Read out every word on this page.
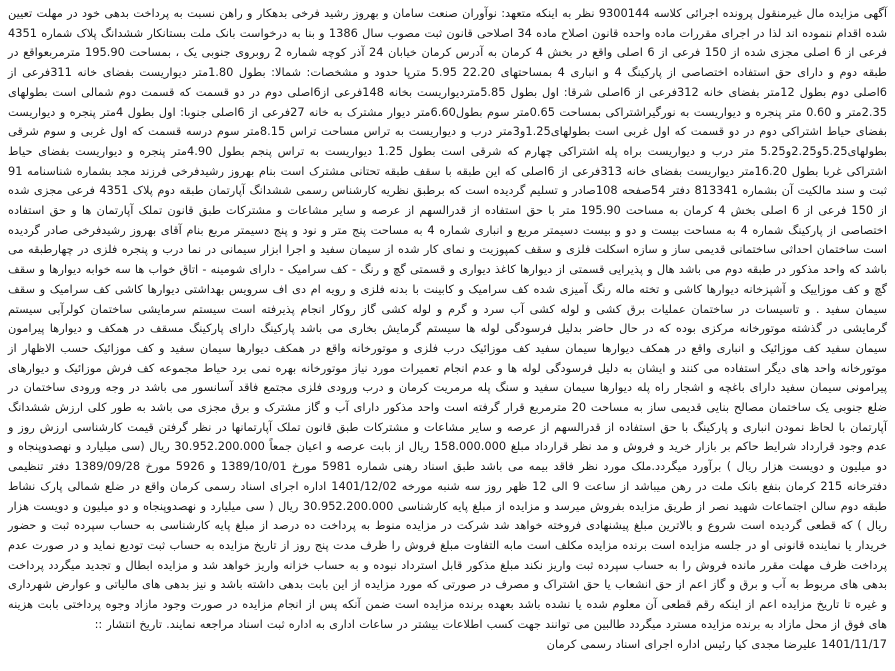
آگهی مزایده مال غیرمنقول پرونده اجرائی کلاسه 9300144 نظر به اینکه متعهد: نوآوران صنعت سامان و بهروز رشید فرخی بدهکار و راهن نسبت به پرداخت بدهی خود در مهلت تعیین شده اقدام ننموده اند لذا در اجرای مقررات ماده واحده قانون اصلاح ماده 34 اصلاحی قانون ثبت مصوب سال 1386 و بنا به درخواست بانک ملت بستانکار ششدانگ پلاک شماره 4351 فرعی از 6 اصلی مجزی شده از 150 فرعی از 6 اصلی واقع در بخش 4 کرمان به آدرس کرمان خیابان 24 آذر کوچه شماره 2 روبروی جنوبی یک ، بمساحت 195.90 مترمربعواقع در طبقه دوم و دارای حق استفاده اختصاصی از پارکینگ 4 و انباری 4 بمساحتهای 22.20 5.95 مترپا حدود و مشخصات: شمالا: بطول 1.80متر دیواریست بفضای خانه 311فرعی از 6اصلی دوم بطول 12متر بفضای خانه 312فرعی از 6اصلی شرقا: اول بطول 5.85متردیواریست بخانه 148فرعی از6اصلی دوم در دو قسمت که قسمت دوم شمالی است بطولهای 2.35متر و 0.60 متر پنجره و دیواریست به نورگیراشتراکی بمساحت 0.65متر سوم بطول6.60متر دیوار مشترک به خانه 27فرعی از 6اصلی جنوبا: اول بطول 4متر پنجره و دیواریست بفضای حیاط اشتراکی دوم در دو قسمت که اول غربی است بطولهای1.25و3متر درب و دیواریست به تراس مساحت تراس 8.15متر سوم درسه قسمت که اول غربی و سوم شرقی بطولهای5.25و2.25و5.25 متر درب و دیواریست براه پله اشتراکی چهارم که شرقی است بطول 1.25 دیواریست به تراس پنجم بطول 4.90متر پنجره و دیواریست بفضای حیاط اشتراکی غربا بطول 16.20متر دیواریست بفضای خانه 313فرعی از 6اصلی که این طبقه با سقف طبقه تحتانی مشترک است بنام بهروز رشیدفرخی فرزند مجد بشماره شناسنامه 91 ثبت و سند مالکیت آن بشماره 813341 دفتر 54صفحه 108صادر و تسلیم گردیده است که برطبق نظریه کارشناس رسمی ششدانگ آپارتمان طبقه دوم پلاک 4351 فرعی مجزی شده از 150 فرعی از 6 اصلی بخش 4 کرمان به مساحت 195.90 متر با حق استفاده از قدرالسهم از عرصه و سایر مشاعات و مشترکات طبق قانون تملک آپارتمان ها و حق استفاده اختصاصی از پارکینگ شماره 4 به مساحت بیست و دو و بیست دسیمتر مربع و انباری شماره 4 به مساحت پنج متر و نود و پنج دسیمتر مربع بنام آقای بهروز رشیدفرخی صادر گردیده است ساختمان احداثی ساختمانی قدیمی ساز و سازه اسکلت فلزی و سقف کمپوزیت و نمای کار شده از سیمان سفید و اجرا ابزار سیمانی در نما درب و پنجره فلزی در چهارطبقه می باشد که واحد مذکور در طبقه دوم می باشد هال و پذیرایی قسمتی از دیوارها کاغذ دیواری و قسمتی گچ و رنگ - کف سرامیک - دارای شومینه - اتاق خواب ها سه خوابه دیوارها و سقف گچ و کف موزاییک و آشپزخانه دیوارها کاشی و تخته ماله رنگ آمیزی شده کف سرامیک و کابینت با بدنه فلزی و رویه ام دی اف سرویس بهداشتی دیوارها کاشی کف سرامیک و سقف سیمان سفید . و تاسیسات در ساختمان عملیات برق کشی و لوله کشی آب سرد و گرم و لوله کشی گاز روکار انجام پذیرفته است سیستم سرمایشی ساختمان کولرآبی سیستم گرمایشی در گذشته موتورخانه مرکزی بوده که در حال حاضر بدلیل فرسودگی لوله ها سیستم گرمایش بخاری می باشد پارکینگ دارای پارکینگ مسقف در همکف و دیوارها پیرامون سیمان سفید کف موزائیک و انباری واقع در همکف دیوارها سیمان سفید کف موزائیک درب فلزی و موتورخانه واقع در همکف دیوارها سیمان سفید و کف موزائیک حسب الاظهار از موتورخانه واحد های دیگر استفاده می کنند و ایشان به دلیل فرسودگی لوله ها و عدم انجام تعمیرات مورد نیاز موتورخانه بهره نمی برد حیاط مجموعه کف فرش موزائیک و دیوارهای پیرامونی سیمان سفید دارای باغچه و اشجار راه پله دیوارها سیمان سفید و سنگ پله مرمریت کرمان و درب ورودی فلزی مجتمع فاقد آسانسور می باشد در وجه ورودی ساختمان در ضلع جنوبی یک ساختمان مصالح بنایی قدیمی ساز به مساحت 20 مترمربع قرار گرفته است واحد مذکور دارای آب و گاز مشترک و برق مجزی می باشد به طور کلی ارزش ششدانگ آپارتمان با لحاظ نمودن انباری و پارکینگ با حق استفاده از قدرالسهم از عرصه و سایر مشاعات و مشترکات طبق قانون تملک آپارتمانها در نظر گرفتن قیمت کارشناسی ارزش روز و عدم وجود قرارداد شرایط حاکم بر بازار خرید و فروش و مد نظر قرارداد مبلغ 158.000.000 ریال از بابت عرصه و اعیان جمعاً 30.952.200.000 ریال (سی میلیارد و نهصدوپنجاه و دو میلیون و دویست هزار ریال ) برآورد میگردد.ملک مورد نظر فاقد بیمه می باشد طبق اسناد رهنی شماره 5981 مورخ 1389/10/01 و 5926 مورخ 1389/09/28 دفتر تنظیمی دفترخانه 215 کرمان بنفع بانک ملت در رهن میباشد از ساعت 9 الی 12 ظهر روز سه شنبه مورخه 1401/12/02 اداره اجرای اسناد رسمی کرمان واقع در ضلع شمالی پارک نشاط طبقه دوم سالن اجتماعات شهید نصر از طریق مزایده بفروش میرسد و مزایده از مبلغ پایه کارشناسی 30.952.200.000 ریال ( سی میلیارد و نهصدوپنجاه و دو میلیون و دویست هزار ریال ) که قطعی گردیده است شروع و بالاترین مبلغ پیشنهادی فروخته خواهد شد شرکت در مزایده منوط به پرداخت ده درصد از مبلغ پایه کارشناسی به حساب سپرده ثبت و حضور خریدار یا نماینده قانونی او در جلسه مزایده است برنده مزایده مکلف است مابه التفاوت مبلغ فروش را ظرف مدت پنج روز از تاریخ مزایده به حساب ثبت تودیع نماید و در صورت عدم پرداخت ظرف مهلت مقرر مانده فروش را به حساب سپرده ثبت واریز نکند مبلغ مذکور قابل استرداد نبوده و به حساب خزانه واریز خواهد شد و مزایده ابطال و تجدید میگردد پرداخت بدهی های مربوط به آب و برق و گاز اعم از حق انشعاب یا حق اشتراک و مصرف در صورتی که مورد مزایده از این بابت بدهی داشته باشد و نیز بدهی های مالیاتی و عوارض شهرداری و غیره تا تاریخ مزایده اعم از اینکه رقم قطعی آن معلوم شده یا نشده باشد بعهده برنده مزایده است ضمن آنکه پس از انجام مزایده در صورت وجود مازاد وجوه پرداختی بابت هزینه های فوق از محل مازاد به برنده مزایده مسترد میگردد طالبین می توانند جهت کسب اطلاعات بیشتر در ساعات اداری به اداره ثبت اسناد مراجعه نمایند. تاریخ انتشار ::

1401/11/17 علیرضا مجدی کیا رئیس اداره اجرای اسناد رسمی کرمان
